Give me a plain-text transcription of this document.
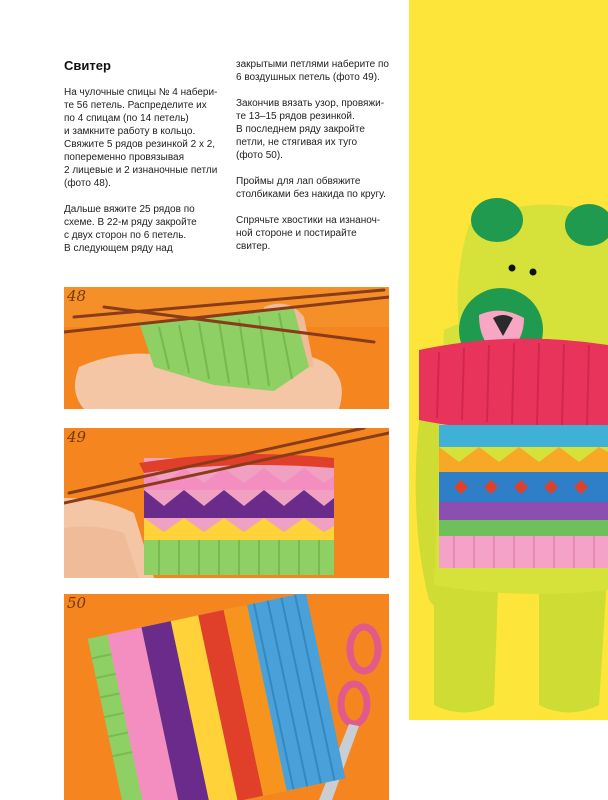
Свитер

На чулочные спицы № 4 набери-
те 56 петель. Распределите их
по 4 спицам (по 14 петель)
и замкните работу в кольцо.
Свяжите 5 рядов резинкой 2 х 2,
попеременно провязывая
2 лицевые и 2 изнаночные петли
(фото 48).

Дальше вяжите 25 рядов по
схеме. В 22-м ряду закройте
с двух сторон по 6 петель.
В следующем ряду над

закрытыми петлями наберите по
6 воздушных петель (фото 49).

Закончив вязать узор, провяжи-
те 13–15 рядов резинкой.
В последнем ряду закройте
петли, не стягивая их туго
(фото 50).

Проймы для лап обвяжите
столбиками без накида по кругу.

Спрячьте хвостики на изнаноч-
ной стороне и постирайте
свитер.

48
49
50
